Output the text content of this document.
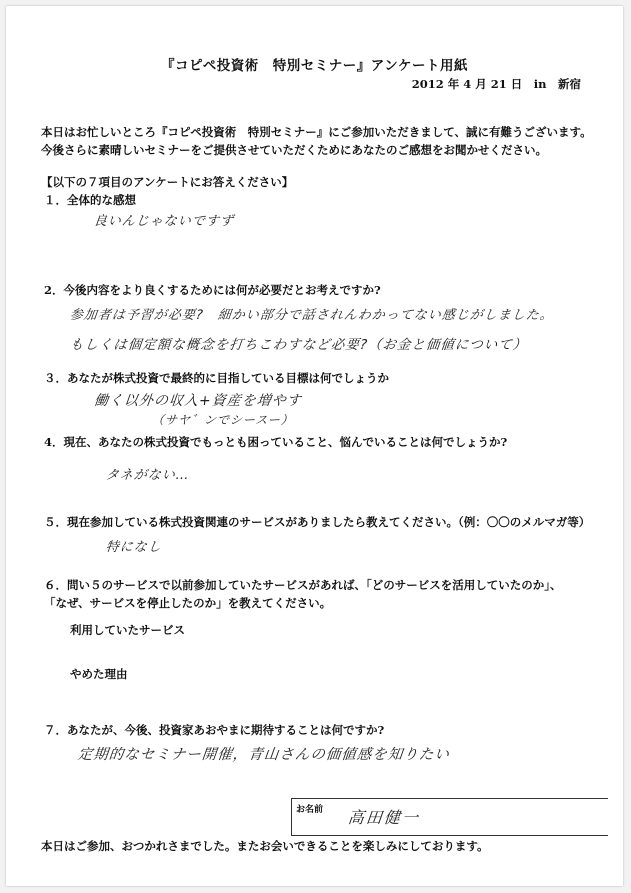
『コピペ投資術　特別セミナー』アンケート用紙
2012 年 4 月 21 日　in　新宿
本日はお忙しいところ『コピペ投資術　特別セミナー』にご参加いただきまして、誠に有難うございます。
今後さらに素晴しいセミナーをご提供させていただくためにあなたのご感想をお聞かせください。
【以下の７項目のアンケートにお答えください】
１．全体的な感想
良いんじゃないですず
2．今後内容をより良くするためには何が必要だとお考えですか?
参加者は予習が必要?　細かい部分で話されんわかってない感じがしました。
もしくは個定額な概念を打ちこわすなど必要?（お金と価値について）
３．あなたが株式投資で最終的に目指している目標は何でしょうか
働く以外の収入+資産を増やす
（サヤ゛ンでシースー）
4．現在、あなたの株式投資でもっとも困っていること、悩んでいることは何でしょうか?
タネがない…
５．現在参加している株式投資関連のサービスがありましたら教えてください。（例：〇〇のメルマガ等）
特になし
６．問い５のサービスで以前参加していたサービスがあれば、「どのサービスを活用していたのか」、
「なぜ、サービスを停止したのか」を教えてください。
利用していたサービス
やめた理由
７．あなたが、今後、投資家あおやまに期待することは何ですか?
定期的なセミナー開催，青山さんの価値感を知りたい
お名前 高田健一
本日はご参加、おつかれさまでした。またお会いできることを楽しみにしております。
